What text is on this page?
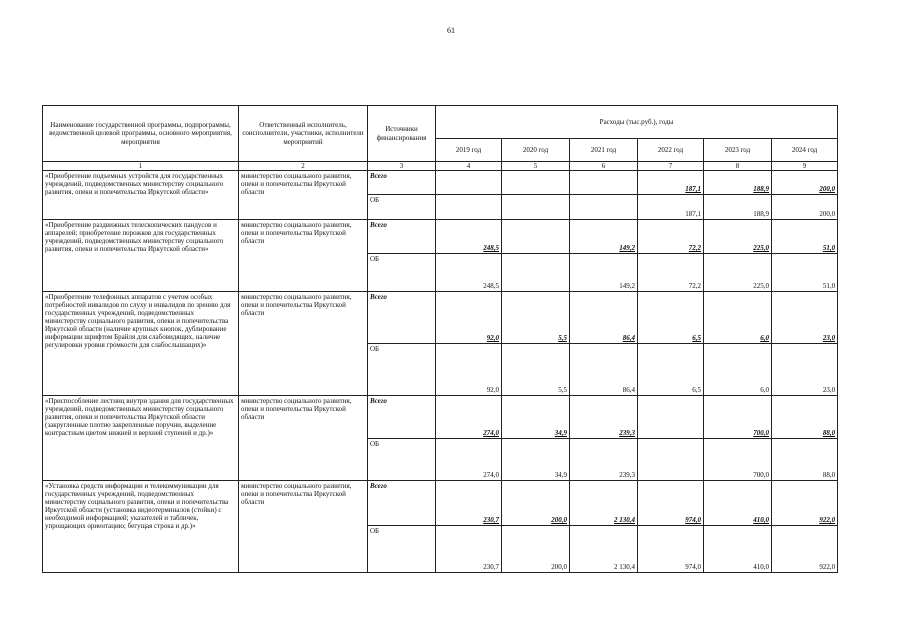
61
Наименование государственной программы, подпрограммы, ведомственной целевой программы, основного мероприятия, мероприятия	Ответственный исполнитель, соисполнители, участники, исполнители мероприятий	Источники финансирования	Расходы (тыс.руб.), годы					
			2019 год	2020 год	2021 год	2022 год	2023 год	2024 год
1	2	3	4	5	6	7	8	9
«Приобретение подъемных устройств для государственных учреждений, подведомственных министерству социального развития, опеки и попечительства Иркутской области»	министерство социального развития, опеки и попечительства Иркутской области	Всего				187,1	188,9	200,0
		ОБ				187,1	188,9	200,0
«Приобретение раздвижных телескопических пандусов и аппарелей; приобретение порожков для государственных учреждений, подведомственных министерству социального развития, опеки и попечительства Иркутской области»	министерство социального развития, опеки и попечительства Иркутской области	Всего	248,5		149,2	72,2	225,0	51,0
		ОБ	248,5		149,2	72,2	225,0	51,0
«Приобретение телефонных аппаратов с учетом особых потребностей инвалидов по слуху и инвалидов по зрению для государственных учреждений, подведомственных министерству социального развития, опеки и попечительства Иркутской области (наличие крупных кнопок, дублирование информации шрифтом Брайля для слабовидящих, наличие регулировки уровня громкости для слабослышащих)»	министерство социального развития, опеки и попечительства Иркутской области	Всего	92,0	5,5	86,4	6,5	6,0	23,0
		ОБ	92,0	5,5	86,4	6,5	6,0	23,0
«Приспособление лестниц внутри здания для государственных учреждений, подведомственных министерству социального развития, опеки и попечительства Иркутской области (закругленные плотно закрепленные поручни, выделение контрастным цветом нижней и верхней ступеней и др.)»	министерство социального развития, опеки и попечительства Иркутской области	Всего	274,0	34,9	239,3		700,0	88,0
		ОБ	274,0	34,9	239,3		700,0	88,0
«Установка средств информации и телекоммуникации для государственных учреждений, подведомственных министерству социального развития, опеки и попечительства Иркутской области (установка видеотерминалов (стойки) с необходимой информацией; указателей и табличек, упрощающих ориентацию; бегущая строка и др.)»	министерство социального развития, опеки и попечительства Иркутской области	Всего	230,7	200,0	2 130,4	974,0	410,0	922,0
		ОБ	230,7	200,0	2 130,4	974,0	410,0	922,0
